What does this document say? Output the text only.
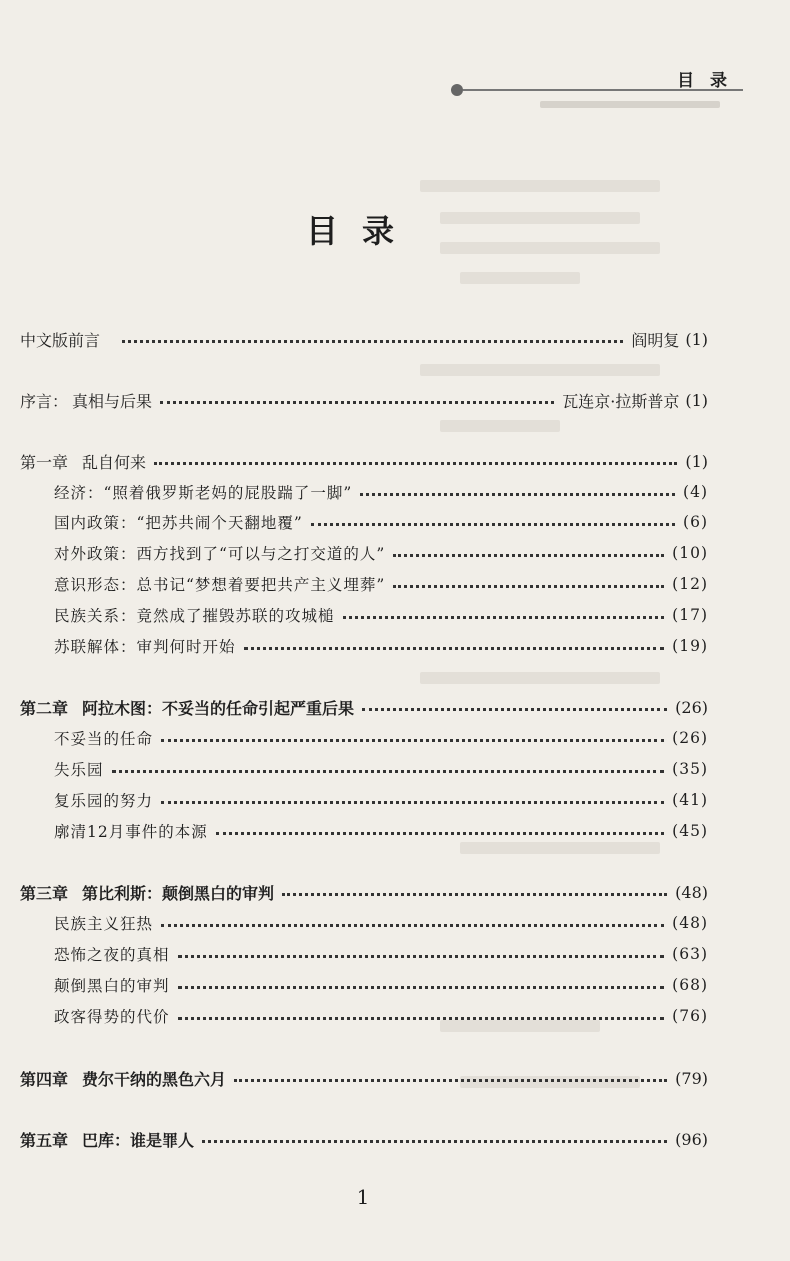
目 录
目录
中文版前言	阎明复 (1)
序言： 真相与后果	瓦连京·拉斯普京 (1)
第一章 乱自何来	(1)
经济：“照着俄罗斯老妈的屁股踹了一脚”	(4)
国内政策：“把苏共闹个天翻地覆”	(6)
对外政策：西方找到了“可以与之打交道的人”	(10)
意识形态：总书记“梦想着要把共产主义埋葬”	(12)
民族关系：竟然成了摧毁苏联的攻城槌	(17)
苏联解体：审判何时开始	(19)
第二章 阿拉木图：不妥当的任命引起严重后果	(26)
不妥当的任命	(26)
失乐园	(35)
复乐园的努力	(41)
廓清12月事件的本源	(45)
第三章 第比利斯：颠倒黑白的审判	(48)
民族主义狂热	(48)
恐怖之夜的真相	(63)
颠倒黑白的审判	(68)
政客得势的代价	(76)
第四章 费尔干纳的黑色六月	(79)
第五章 巴库：谁是罪人	(96)
1
